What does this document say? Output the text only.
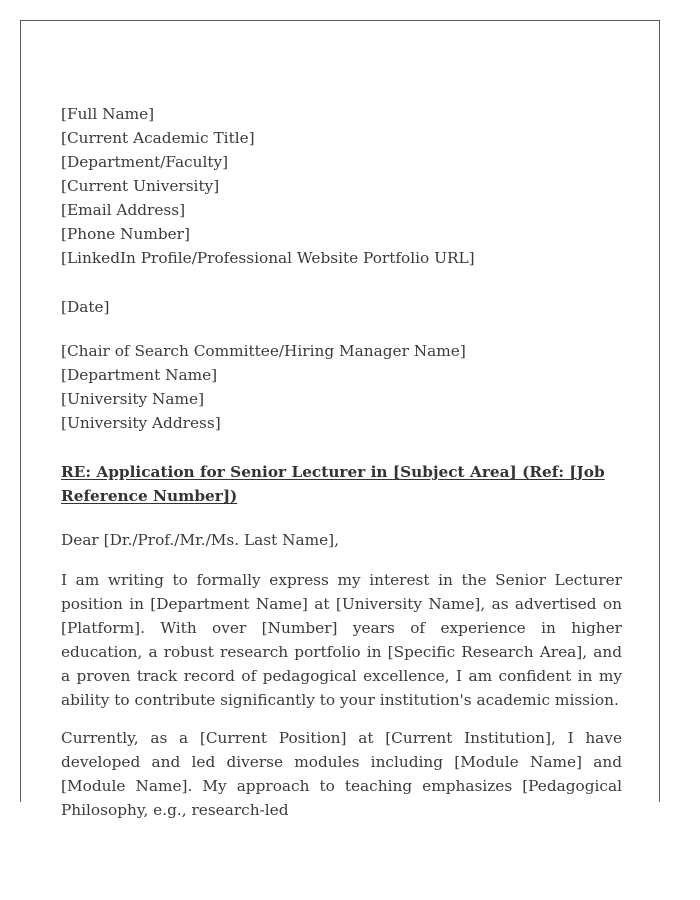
[Full Name]
[Current Academic Title]
[Department/Faculty]
[Current University]
[Email Address]
[Phone Number]
[LinkedIn Profile/Professional Website Portfolio URL]
[Date]
[Chair of Search Committee/Hiring Manager Name]
[Department Name]
[University Name]
[University Address]
RE: Application for Senior Lecturer in [Subject Area] (Ref: [Job Reference Number])
Dear [Dr./Prof./Mr./Ms. Last Name],

I am writing to formally express my interest in the Senior Lecturer position in [Department Name] at [University Name], as advertised on [Platform]. With over [Number] years of experience in higher education, a robust research portfolio in [Specific Research Area], and a proven track record of pedagogical excellence, I am confident in my ability to contribute significantly to your institution's academic mission.

Currently, as a [Current Position] at [Current Institution], I have developed and led diverse modules including [Module Name] and [Module Name]. My approach to teaching emphasizes [Pedagogical Philosophy, e.g., research-led
